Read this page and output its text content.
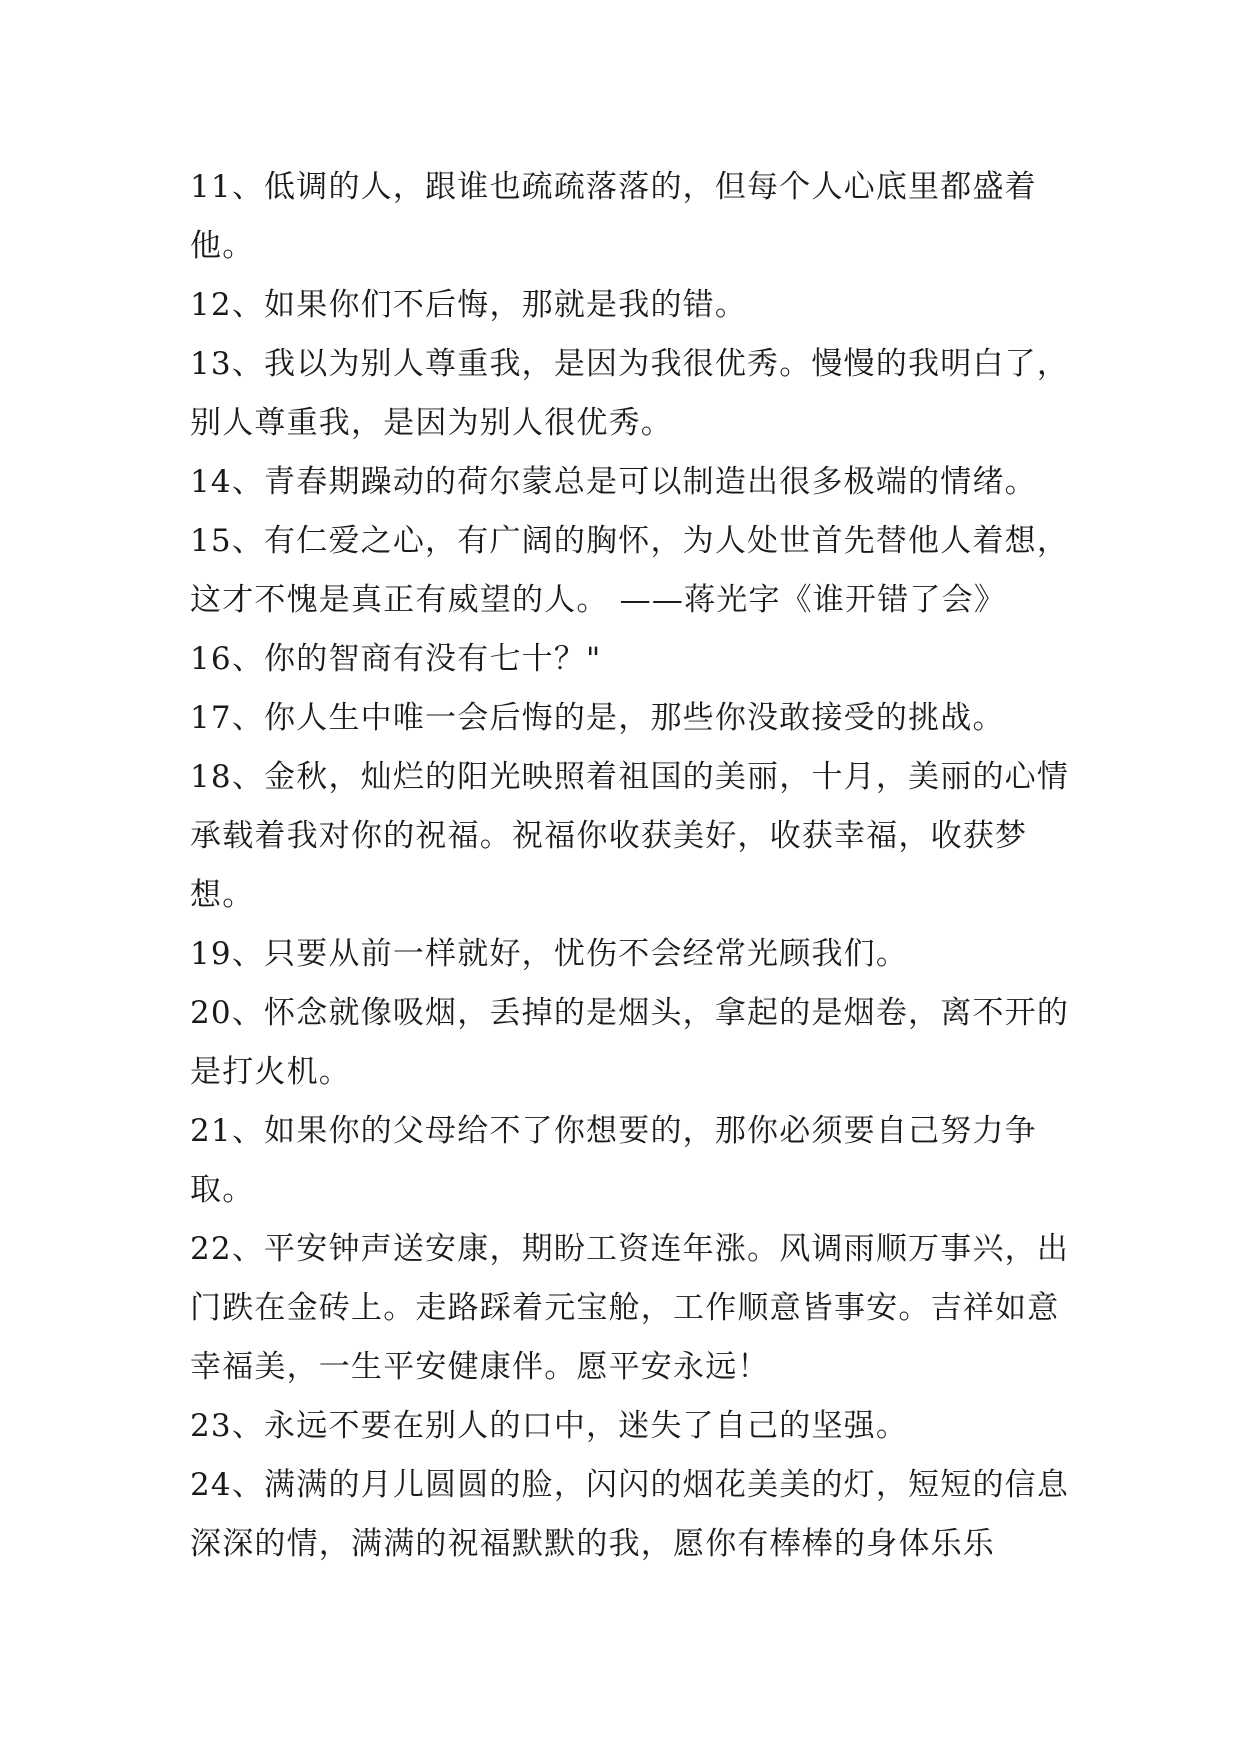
11、低调的人，跟谁也疏疏落落的，但每个人心底里都盛着他。

12、如果你们不后悔，那就是我的错。

13、我以为别人尊重我，是因为我很优秀。慢慢的我明白了，别人尊重我，是因为别人很优秀。

14、青春期躁动的荷尔蒙总是可以制造出很多极端的情绪。

15、有仁爱之心，有广阔的胸怀，为人处世首先替他人着想，这才不愧是真正有威望的人。 ——蒋光字《谁开错了会》

16、你的智商有没有七十？"

17、你人生中唯一会后悔的是，那些你没敢接受的挑战。

18、金秋，灿烂的阳光映照着祖国的美丽，十月，美丽的心情承载着我对你的祝福。祝福你收获美好，收获幸福，收获梦想。

19、只要从前一样就好，忧伤不会经常光顾我们。

20、怀念就像吸烟，丢掉的是烟头，拿起的是烟卷，离不开的是打火机。

21、如果你的父母给不了你想要的，那你必须要自己努力争取。

22、平安钟声送安康，期盼工资连年涨。风调雨顺万事兴，出门跌在金砖上。走路踩着元宝舱，工作顺意皆事安。吉祥如意幸福美，一生平安健康伴。愿平安永远！

23、永远不要在别人的口中，迷失了自己的坚强。

24、满满的月儿圆圆的脸，闪闪的烟花美美的灯，短短的信息深深的情，满满的祝福默默的我，愿你有棒棒的身体乐乐
